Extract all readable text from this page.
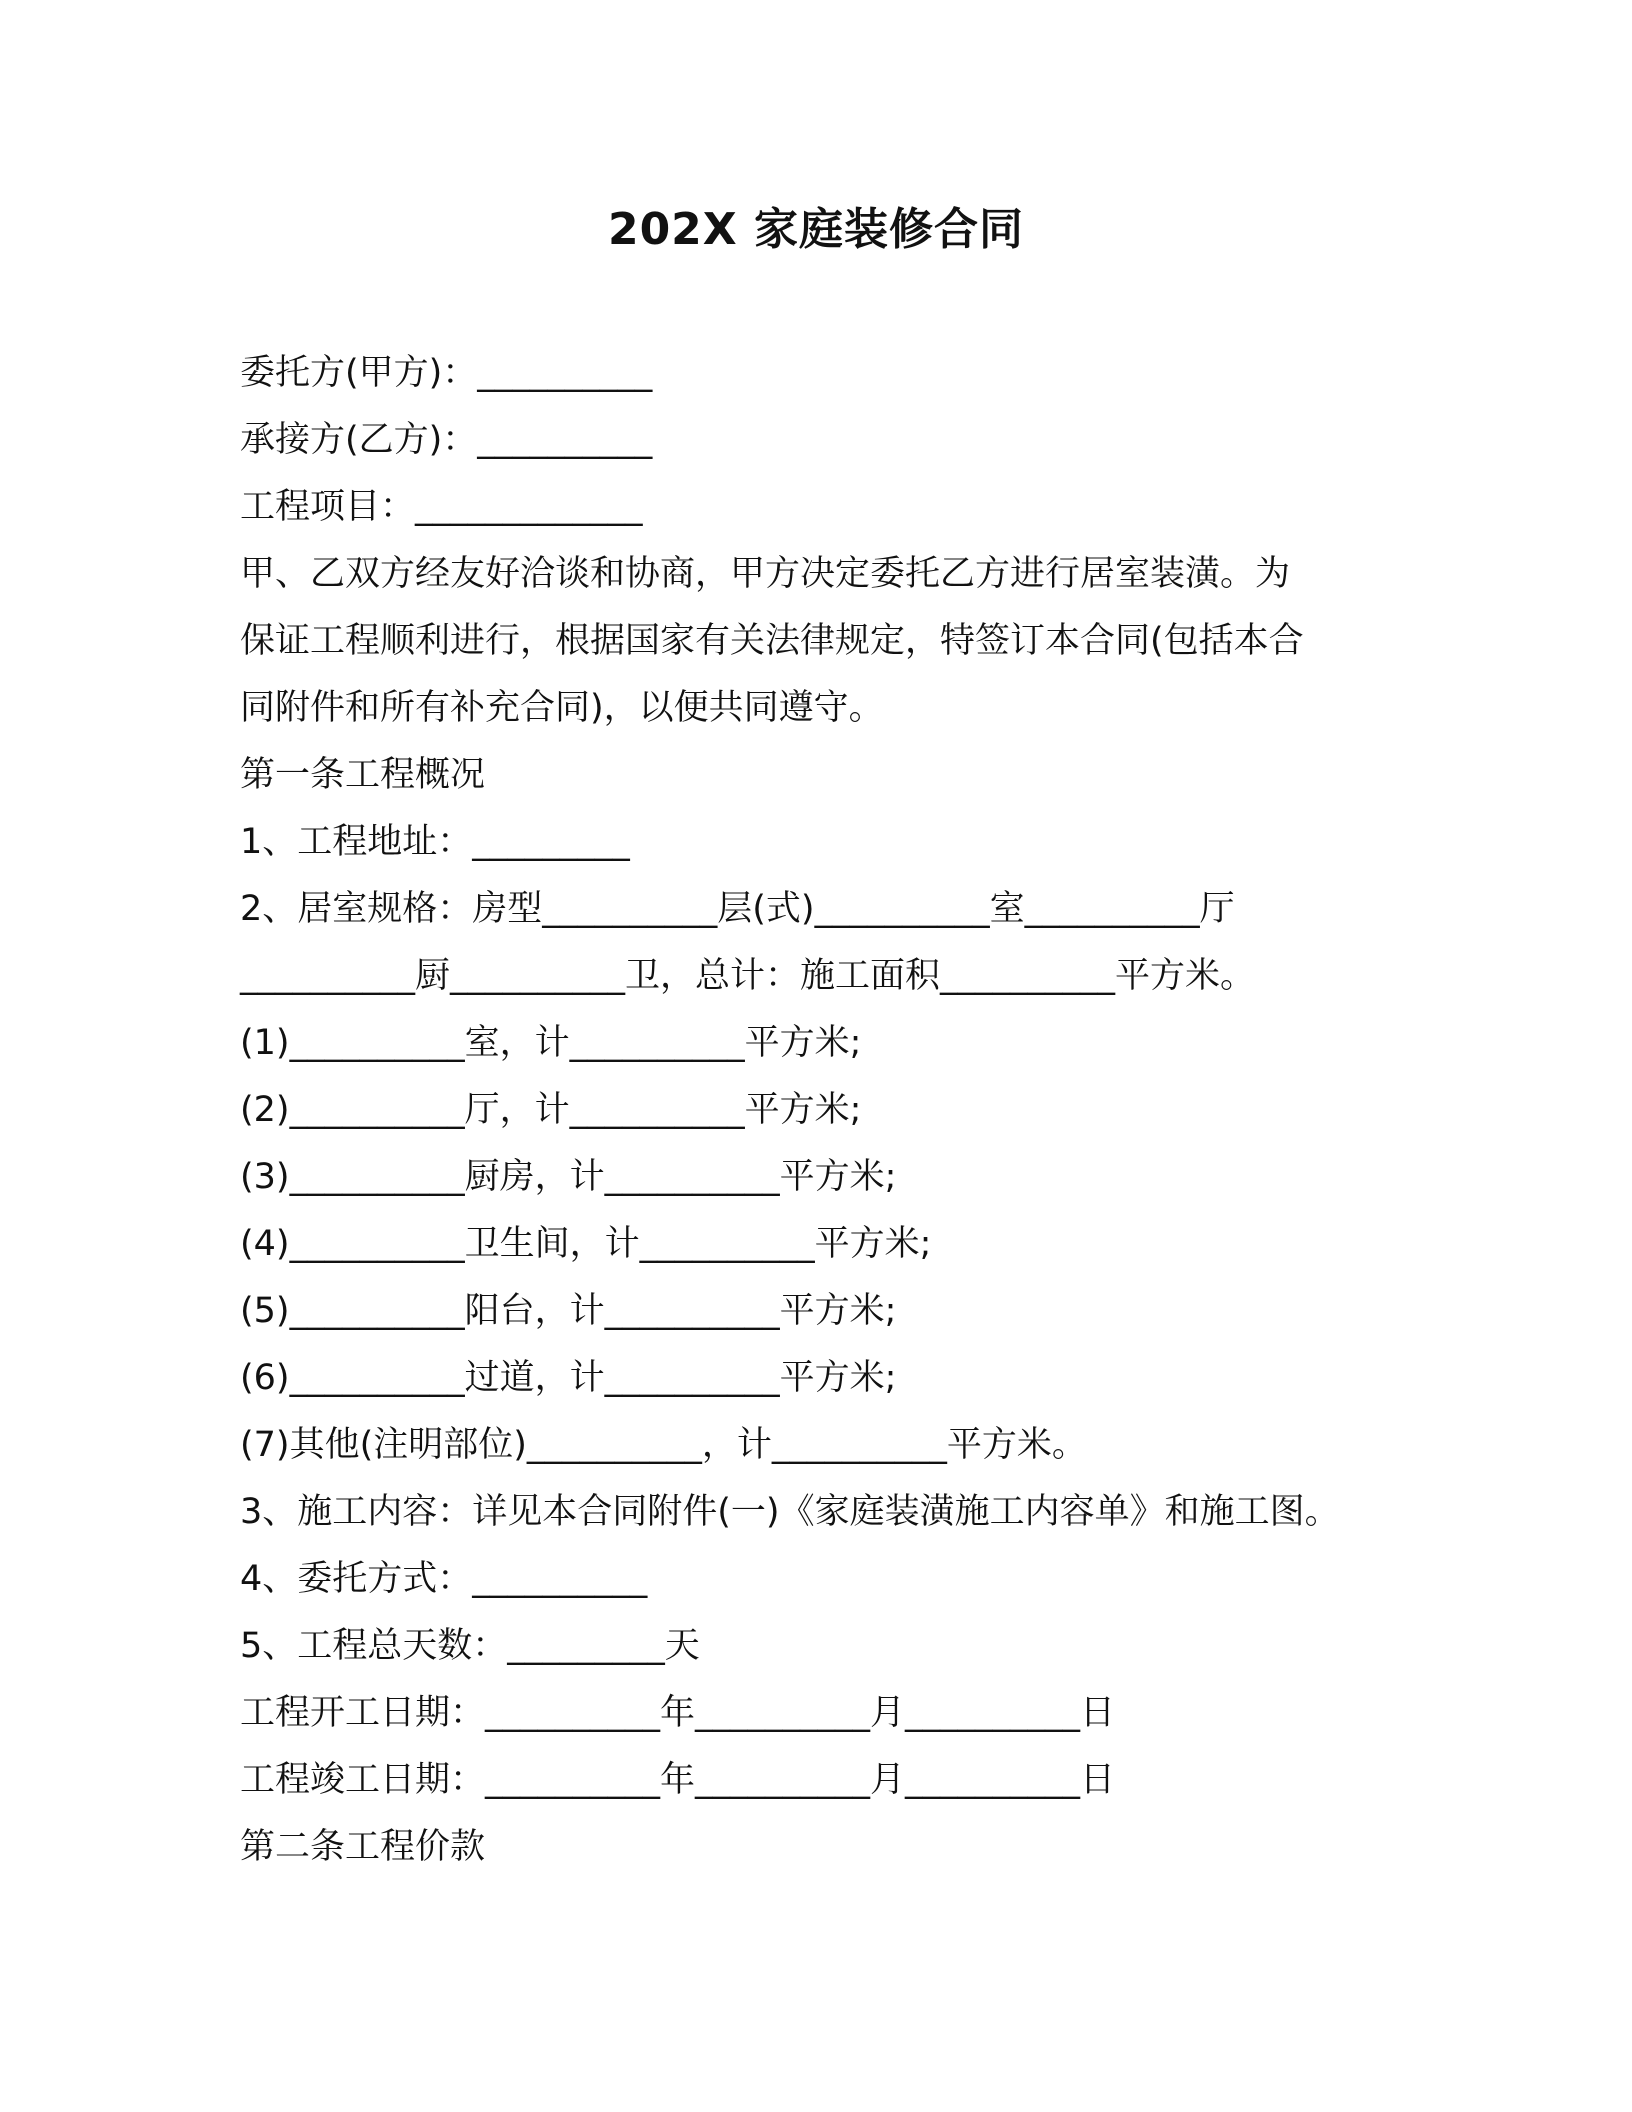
202X 家庭装修合同
委托方(甲方)：__________
承接方(乙方)：__________
工程项目：_____________
甲、乙双方经友好洽谈和协商，甲方决定委托乙方进行居室装潢。为
保证工程顺利进行，根据国家有关法律规定，特签订本合同(包括本合
同附件和所有补充合同)，以便共同遵守。
第一条工程概况
1、工程地址：_________
2、居室规格：房型__________层(式)__________室__________厅
__________厨__________卫，总计：施工面积__________平方米。
(1)__________室，计__________平方米;
(2)__________厅，计__________平方米;
(3)__________厨房，计__________平方米;
(4)__________卫生间，计__________平方米;
(5)__________阳台，计__________平方米;
(6)__________过道，计__________平方米;
(7)其他(注明部位)__________，计__________平方米。
3、施工内容：详见本合同附件(一)《家庭装潢施工内容单》和施工图。
4、委托方式：__________
5、工程总天数：_________天
工程开工日期：__________年__________月__________日
工程竣工日期：__________年__________月__________日
第二条工程价款
